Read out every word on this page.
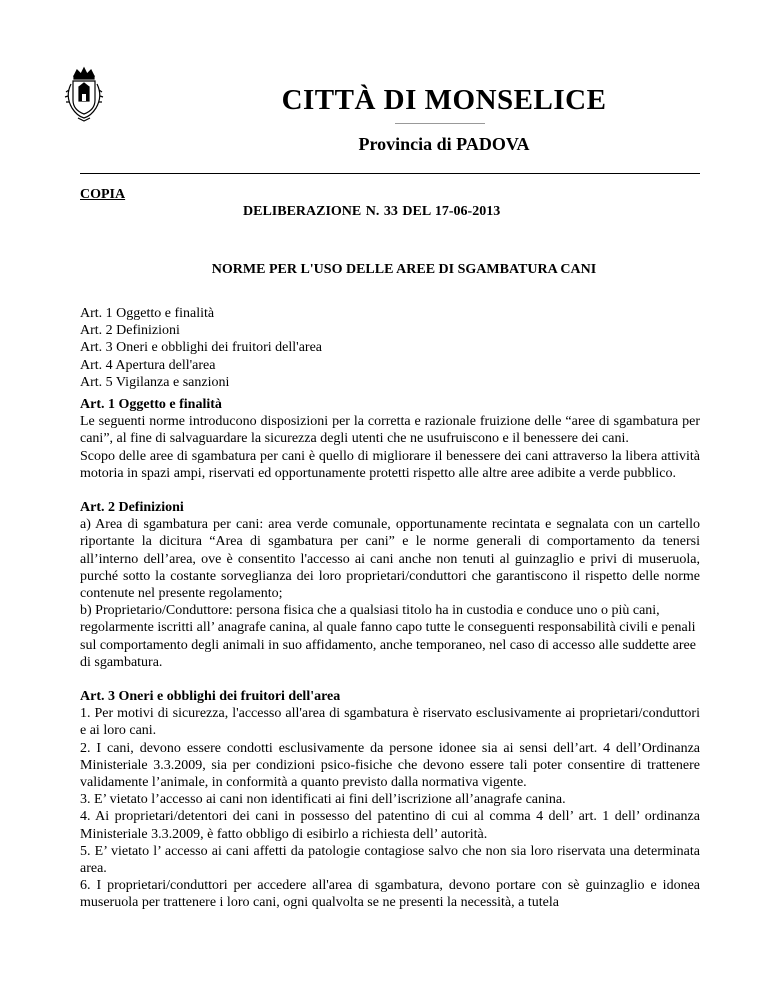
CITTÀ DI MONSELICE
Provincia di PADOVA

COPIA

DELIBERAZIONE N. 33 DEL 17-06-2013

NORME PER L'USO DELLE AREE DI SGAMBATURA CANI

Art. 1 Oggetto e finalità
Art. 2 Definizioni
Art. 3 Oneri e obblighi dei fruitori dell'area
Art. 4 Apertura dell'area
Art. 5 Vigilanza e sanzioni
Art. 1 Oggetto e finalità

Le seguenti norme introducono disposizioni per la corretta e razionale fruizione delle “aree di sgambatura per cani”, al fine di salvaguardare la sicurezza degli utenti che ne usufruiscono e il benessere dei cani.

Scopo delle aree di sgambatura per cani è quello di migliorare il benessere dei cani attraverso la libera attività motoria in spazi ampi, riservati ed opportunamente protetti rispetto alle altre aree adibite a verde pubblico.

Art. 2 Definizioni

a) Area di sgambatura per cani: area verde comunale, opportunamente recintata e segnalata con un cartello riportante la dicitura “Area di sgambatura per cani” e le norme generali di comportamento da tenersi all’interno dell’area, ove è consentito l'accesso ai cani anche non tenuti al guinzaglio e privi di museruola, purché sotto la costante sorveglianza dei loro proprietari/conduttori che garantiscono il rispetto delle norme contenute nel presente regolamento;

b) Proprietario/Conduttore: persona fisica che a qualsiasi titolo ha in custodia e conduce uno o più cani, regolarmente iscritti all’ anagrafe canina, al quale fanno capo tutte le conseguenti responsabilità civili e penali sul comportamento degli animali in suo affidamento, anche temporaneo, nel caso di accesso alle suddette aree di sgambatura.

Art. 3 Oneri e obblighi dei fruitori dell'area

1. Per motivi di sicurezza, l'accesso all'area di sgambatura è riservato esclusivamente ai proprietari/conduttori e ai loro cani.

2. I cani, devono essere condotti esclusivamente da persone idonee sia ai sensi dell’art. 4 dell’Ordinanza Ministeriale 3.3.2009, sia per condizioni psico-fisiche che devono essere tali poter consentire di trattenere validamente l’animale, in conformità a quanto previsto dalla normativa vigente.

3. E’ vietato l’accesso ai cani non identificati ai fini dell’iscrizione all’anagrafe canina.

4. Ai proprietari/detentori dei cani in possesso del patentino di cui al comma 4 dell’ art. 1 dell’ ordinanza Ministeriale 3.3.2009, è fatto obbligo di esibirlo a richiesta dell’ autorità.

5. E’ vietato l’ accesso ai cani affetti da patologie contagiose salvo che non sia loro riservata una determinata area.

6. I proprietari/conduttori per accedere all'area di sgambatura, devono portare con sè guinzaglio e idonea museruola per trattenere i loro cani, ogni qualvolta se ne presenti la necessità, a tutela
